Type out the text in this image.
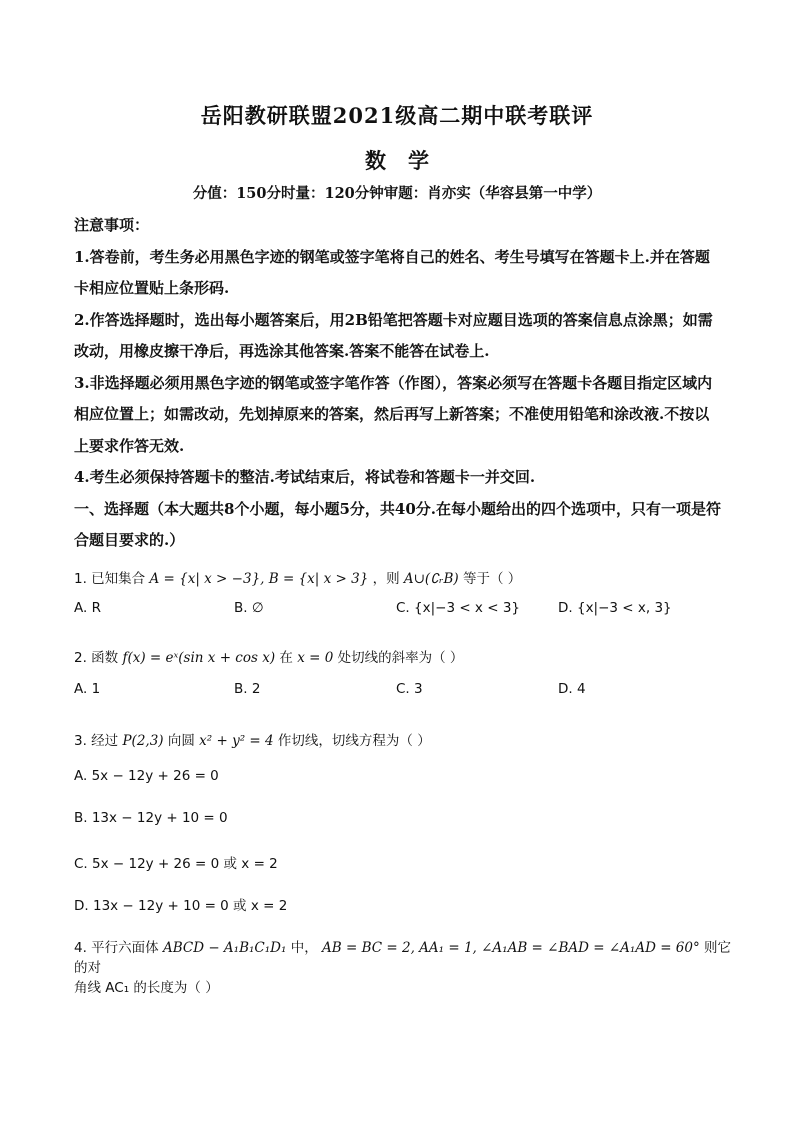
岳阳教研联盟2021级高二期中联考联评
数学
分值：150分时量：120分钟审题：肖亦实（华容县第一中学）

注意事项：

1.答卷前，考生务必用黑色字迹的钢笔或签字笔将自己的姓名、考生号填写在答题卡上.并在答题卡相应位置贴上条形码.

2.作答选择题时，选出每小题答案后，用2B铅笔把答题卡对应题目选项的答案信息点涂黑；如需改动，用橡皮擦干净后，再选涂其他答案.答案不能答在试卷上.

3.非选择题必须用黑色字迹的钢笔或签字笔作答（作图），答案必须写在答题卡各题目指定区域内相应位置上；如需改动，先划掉原来的答案，然后再写上新答案；不准使用铅笔和涂改液.不按以上要求作答无效.

4.考生必须保持答题卡的整洁.考试结束后，将试卷和答题卡一并交回.

一、选择题（本大题共8个小题，每小题5分，共40分.在每小题给出的四个选项中，只有一项是符合题目要求的.）

1. 已知集合 A = {x| x > −3}, B = {x| x > 3} ，则 A∪(∁ᵣB) 等于（ ）
A. R	B. ∅	C. {x|−3 < x < 3}	D. {x|−3 < x, 3}
2. 函数 f(x) = eˣ(sin x + cos x) 在 x = 0 处切线的斜率为（ ）
A. 1	B. 2	C. 3	D. 4
3. 经过 P(2,3) 向圆 x² + y² = 4 作切线，切线方程为（ ）
A. 5x − 12y + 26 = 0
B. 13x − 12y + 10 = 0
C. 5x − 12y + 26 = 0 或 x = 2
D. 13x − 12y + 10 = 0 或 x = 2
4. 平行六面体 ABCD − A₁B₁C₁D₁ 中， AB = BC = 2, AA₁ = 1, ∠A₁AB = ∠BAD = ∠A₁AD = 60° 则它的对
角线 AC₁ 的长度为（ ）
